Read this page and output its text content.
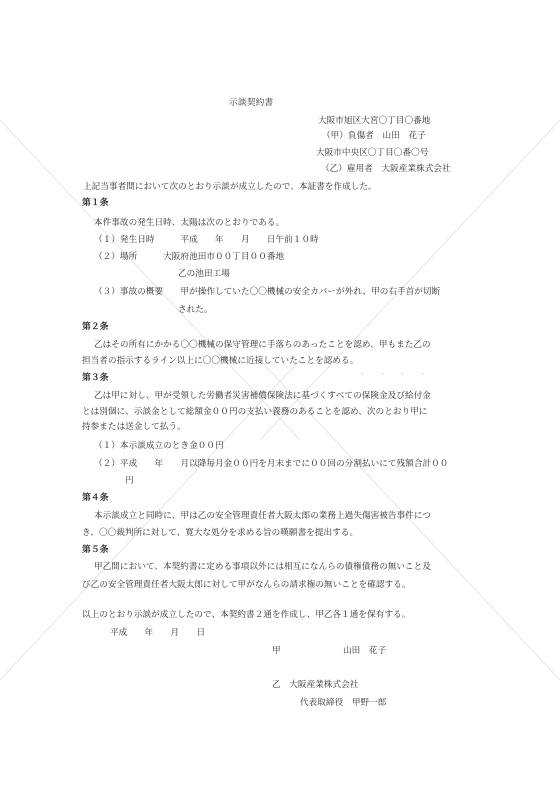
示談契約書
大阪市旭区大宮〇丁目〇番地
（甲）負傷者　山田　花子
大阪市中央区〇丁目〇番〇号
（乙）雇用者　大阪産業株式会社
上記当事者間において次のとおり示談が成立したので、本証書を作成した。
第１条
本件事故の発生日時、太陽は次のとおりである。
（１）発生日時　　　平成　　年　　月　　日午前１０時
（２）場所　　　大阪府池田市００丁目００番地
乙の池田工場
（３）事故の概要　　甲が操作していた〇〇機械の安全カバーが外れ、甲の右手首が切断
された。
第２条
乙はその所有にかかる〇〇機械の保守管理に手落ちのあったことを認め、甲もまた乙の
担当者の指示するライン以上に〇〇機械に近接していたことを認める。
・　・　・　・
第３条
乙は甲に対し、甲が受領した労働者災害補償保険法に基づくすべての保険金及び給付金
とは別個に、示談金として総額金００円の支払い義務のあることを認め、次のとおり甲に
持参または送金して払う。
（１）本示談成立のとき金００円
（２）平成　　年　　月以降毎月金００円を月末までに００回の分割払いにて残額合計００
円
第４条
本示談成立と同時に、甲は乙の安全管理責任者大阪太郎の業務上過失傷害被告事件につ
き、〇〇裁判所に対して、寛大な処分を求める旨の嘆願書を提出する。
第５条
甲乙間において、本契約書に定める事項以外には相互になんらの債権債務の無いこと及
び乙の安全管理責任者大阪太郎に対して甲がなんらの請求権の無いことを確認する。
以上のとおり示談が成立したので、本契約書２通を作成し、甲乙各１通を保有する。
平成　　年　　月　　日
甲	山田　花子
乙　大阪産業株式会社
代表取締役　甲野一郎
